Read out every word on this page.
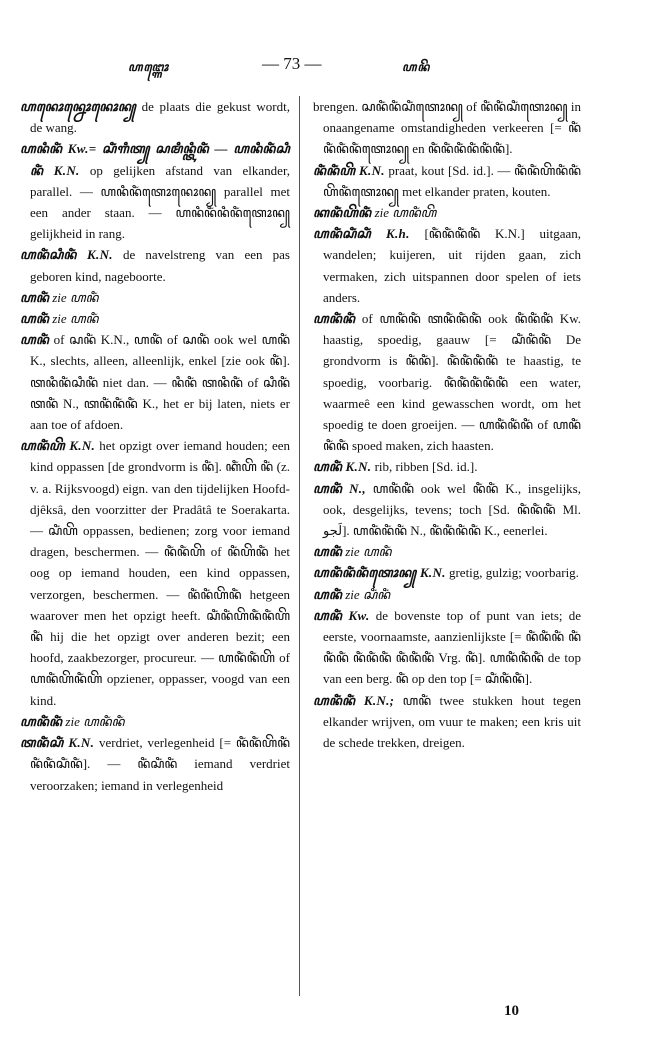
ꦲꦔ꧀ꦒꦺꦴ	— 73 —	ꦲꦤꦼ

ꦲꦤꦺꦴꦤ꧀ꦤꦺꦴꦤꦺꦴꦤ꧀ de plaats die gekust wordt, de wang.

ꦲꦤꦶꦤꦶꦁ Kw.= ꦱꦶꦁꦒꦶꦠ꧀ ꦱꦩꦶꦤ꧀ꦠꦶꦤꦶꦁ — ꦲꦤꦶꦤꦶꦁꦱꦶꦤꦶꦁ K.N. op gelijken afstand van elkander, parallel. — ꦲꦤꦶꦤꦶꦁꦠꦺꦴꦤꦺꦴꦤ꧀ parallel met een ander staan. — ꦲꦤꦶꦤꦶꦁꦤꦶꦤꦶꦁꦠꦺꦴꦤ꧀ gelijkheid in rang.

ꦲꦤꦶꦁꦱꦶꦤꦶꦁ K.N. de navelstreng van een pas geboren kind, nageboorte.

ꦲꦤꦶꦁ zie ꦲꦤꦶꦁ

ꦲꦤꦶꦁ zie ꦲꦤꦶꦁ

ꦲꦤꦶꦁ of ꦱꦤꦶꦁ K.N., ꦲꦤꦶꦁ of ꦱꦤꦶꦁ ook wel ꦲꦤꦶꦁ K., slechts, alleen, alleenlijk, enkel [zie ook ꦤꦶꦁ]. ꦠꦤꦶꦤꦶꦁꦱꦶꦤꦶꦁ niet dan. — ꦤꦶꦤꦶꦁ ꦠꦤꦶꦤꦶꦁ of ꦱꦶꦤꦶꦁꦠꦤꦶꦁ N., ꦠꦤꦶꦁꦤꦶꦁꦤꦶꦁ K., het er bij laten, niets er aan toe of afdoen.

ꦲꦤꦶꦁꦲꦼ K.N. het opzigt over iemand houden; een kind oppassen [de grondvorm is ꦤꦶꦁ]. ꦏꦶꦁꦲꦼ ꦤꦶꦁ (z. v. a. Rijksvoogd) eign. van den tijdelijken Hoofd-djêksâ, den voorzitter der Pradâtâ te Soerakarta. — ꦱꦶꦁꦲꦼ oppassen, bedienen; zorg voor iemand dragen, beschermen. — ꦤꦶꦁꦤꦶꦁꦲꦼ of ꦤꦶꦁꦲꦼꦤꦶꦁ het oog op iemand houden, een kind oppassen, verzorgen, beschermen. — ꦤꦶꦁꦤꦶꦁꦲꦼꦤꦶꦁ hetgeen waarover men het opzigt heeft. ꦱꦶꦁꦤꦶꦁꦲꦼꦤꦶꦁꦤꦶꦁꦲꦼꦤꦶꦁ hij die het opzigt over anderen bezit; een hoofd, zaakbezorger, procureur. — ꦲꦤꦶꦁꦤꦶꦁꦲꦼ of ꦲꦤꦶꦁꦲꦼꦤꦶꦁꦲꦼ opziener, oppasser, voogd van een kind.

ꦲꦤꦶꦁꦤꦶꦁ zie ꦲꦤꦶꦁꦤꦶꦁ

ꦠꦤꦶꦁꦱꦶꦁ K.N. verdriet, verlegenheid [= ꦤꦶꦁꦤꦶꦁꦲꦼꦤꦶꦁ ꦤꦶꦁꦤꦶꦁꦱꦶꦁꦤꦶꦁ]. — ꦤꦶꦁꦱꦶꦁꦤꦶꦁ iemand verdriet veroorzaken; iemand in verlegenheid

brengen. ꦱꦤꦶꦁꦤꦶꦁꦱꦶꦁꦠꦺꦴꦤ꧀ of ꦤꦶꦁꦤꦶꦁꦱꦶꦁꦠꦺꦴꦤ꧀ in onaangename omstandigheden verkeeren [= ꦤꦶꦁꦤꦶꦁꦤꦶꦁꦤꦶꦁꦠꦺꦴꦤ꧀ en ꦤꦶꦁꦤꦶꦁꦤꦶꦁꦤꦶꦁꦤꦶꦁꦤꦶꦁ].

ꦤꦶꦁꦤꦶꦁꦲꦼ K.N. praat, kout [Sd. id.]. — ꦤꦶꦁꦤꦶꦁꦲꦼꦤꦶꦁꦤꦶꦁꦲꦼꦤꦶꦁꦠꦺꦴꦤ꧀ met elkander praten, kouten.

ꦏꦤꦶꦁꦲꦼꦤꦶꦁ zie ꦲꦤꦶꦁꦲꦼ

ꦲꦤꦶꦁꦱꦶꦁꦱꦶꦁ K.h. [ꦤꦶꦁꦤꦶꦁꦤꦶꦁꦤꦶꦁ K.N.] uitgaan, wandelen; kuijeren, uit rijden gaan, zich vermaken, zich uitspannen door spelen of iets anders.

ꦲꦤꦶꦁꦤꦶꦁ of ꦲꦤꦶꦁꦤꦶꦁ ꦠꦤꦶꦁꦤꦶꦁꦤꦶꦁ ook ꦤꦶꦁꦤꦶꦁꦤꦶꦁ Kw. haastig, spoedig, gaauw [= ꦱꦶꦁꦤꦶꦁꦤꦶꦁ De grondvorm is ꦤꦶꦁꦤꦶꦁ]. ꦤꦶꦁꦤꦶꦁꦤꦶꦁꦤꦶꦁ te haastig, te spoedig, voorbarig. ꦤꦶꦁꦤꦶꦁꦤꦶꦁꦤꦶꦁꦤꦶꦁ een water, waarmeê een kind gewasschen wordt, om het spoedig te doen groeijen. — ꦲꦤꦶꦁꦤꦶꦁꦤꦶꦁ of ꦲꦤꦶꦁꦤꦶꦁꦤꦶꦁ spoed maken, zich haasten.

ꦲꦤꦶꦁ K.N. rib, ribben [Sd. id.].

ꦲꦤꦶꦁ N., ꦲꦤꦶꦁꦤꦶꦁ ook wel ꦤꦶꦁꦤꦶꦁ K., insgelijks, ook, desgelijks, tevens; toch [Sd. ꦤꦶꦁꦤꦶꦁꦤꦶꦁ Ml. لَجو]. ꦲꦤꦶꦁꦤꦶꦁꦤꦶꦁ N., ꦤꦶꦁꦤꦶꦁꦤꦶꦁꦤꦶꦁ K., eenerlei.

ꦲꦤꦶꦁ zie ꦲꦤꦶꦁ

ꦲꦤꦶꦁꦤꦶꦁꦤꦶꦁꦠꦺꦴꦤ꧀ K.N. gretig, gulzig; voorbarig.

ꦲꦤꦶꦁ zie ꦱꦶꦁꦤꦶꦁ

ꦲꦤꦶꦁ Kw. de bovenste top of punt van iets; de eerste, voornaamste, aanzienlijkste [= ꦤꦶꦁꦤꦶꦁꦤꦶꦁ ꦤꦶꦁꦤꦶꦁꦤꦶꦁ ꦤꦶꦁꦤꦶꦁꦤꦶꦁ ꦤꦶꦁꦤꦶꦁꦤꦶꦁ Vrg. ꦤꦶꦁ]. ꦲꦤꦶꦁꦤꦶꦁꦤꦶꦁ de top van een berg. ꦤꦶꦁ op den top [= ꦱꦶꦁꦤꦶꦁꦤꦶꦁ].

ꦲꦤꦶꦁꦤꦶꦁ K.N.; ꦲꦤꦶꦁ twee stukken hout tegen elkander wrijven, om vuur te maken; een kris uit de schede trekken, dreigen.

10
